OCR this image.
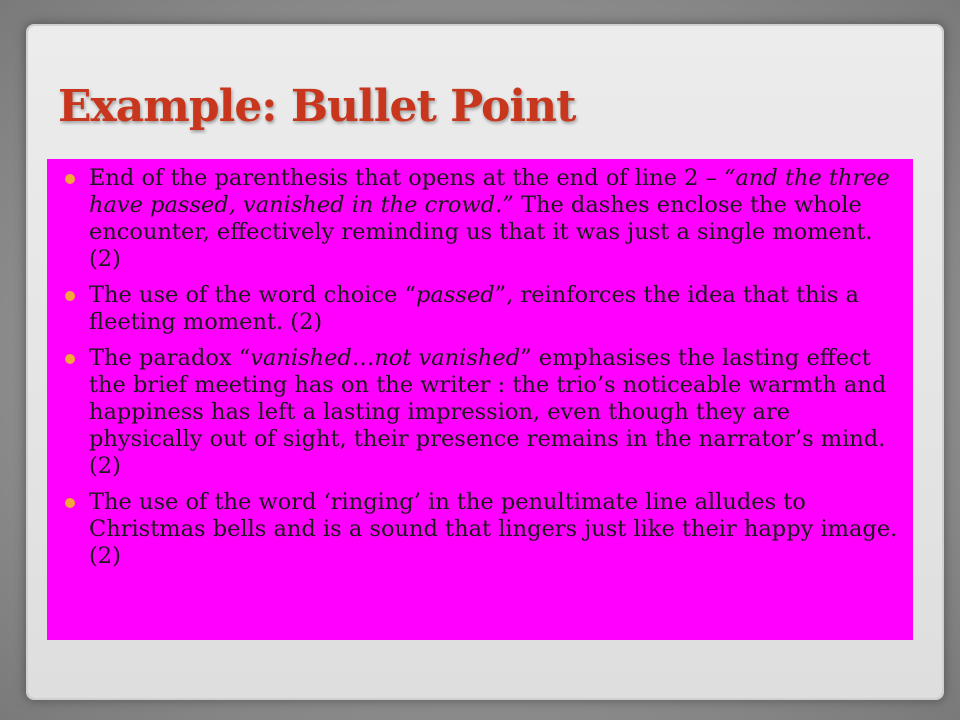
Example: Bullet Point
End of the parenthesis that opens at the end of line 2 – “and the three have passed, vanished in the crowd.” The dashes enclose the whole encounter, effectively reminding us that it was just a single moment.(2)
The use of the word choice “passed”, reinforces the idea that this a fleeting moment. (2)
The paradox “vanished…not vanished” emphasises the lasting effect the brief meeting has on the writer : the trio’s noticeable warmth and happiness has left a lasting impression, even though they are physically out of sight, their presence remains in the narrator’s mind. (2)
The use of the word ‘ringing’ in the penultimate line alludes to Christmas bells and is a sound that lingers just like their happy image. (2)
